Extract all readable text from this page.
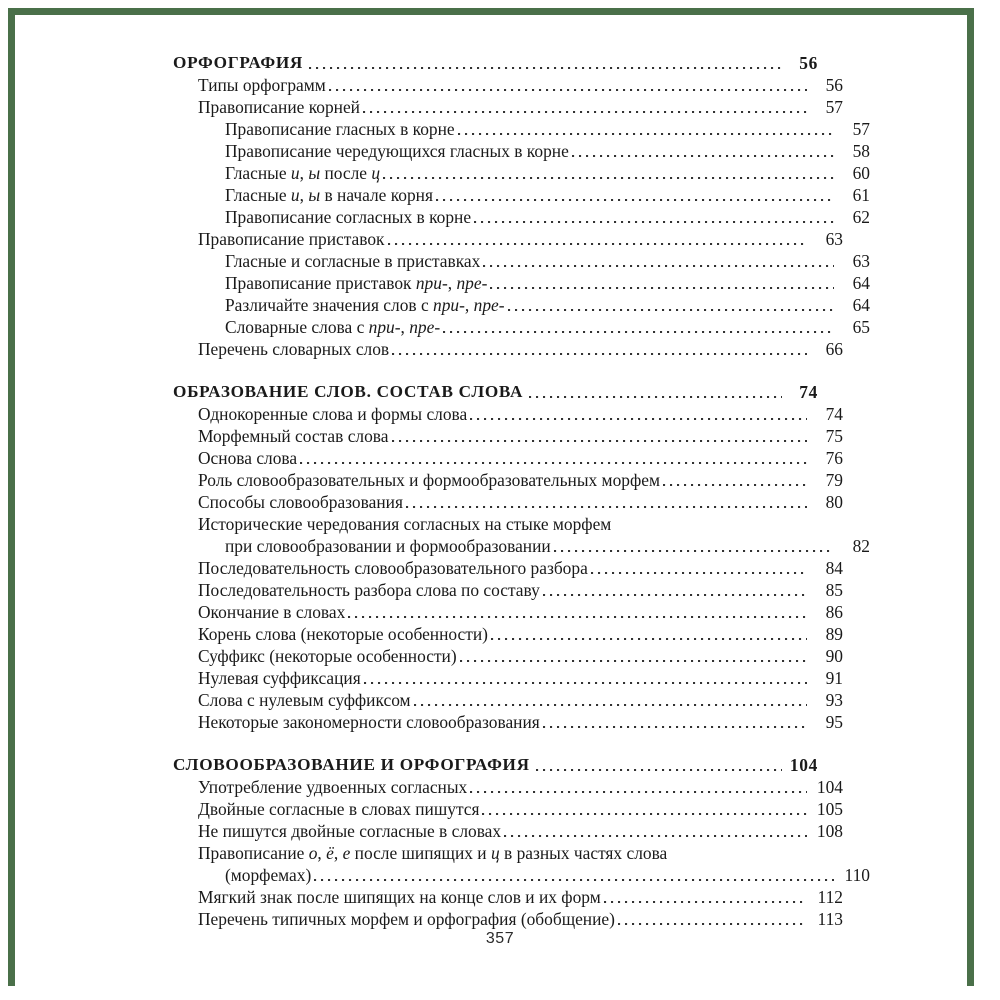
ОРФОГРАФИЯ	56
Типы орфограмм	56
Правописание корней	57
Правописание гласных в корне	57
Правописание чередующихся гласных в корне	58
Гласные и, ы после ц	60
Гласные и, ы в начале корня	61
Правописание согласных в корне	62
Правописание приставок	63
Гласные и согласные в приставках	63
Правописание приставок при-, пре-	64
Различайте значения слов с при-, пре-	64
Словарные слова с при-, пре-	65
Перечень словарных слов	66
ОБРАЗОВАНИЕ СЛОВ. СОСТАВ СЛОВА	74
Однокоренные слова и формы слова	74
Морфемный состав слова	75
Основа слова	76
Роль словообразовательных и формообразовательных морфем	79
Способы словообразования	80
Исторические чередования согласных на стыке морфем
при словообразовании и формообразовании	82
Последовательность словообразовательного разбора	84
Последовательность разбора слова по составу	85
Окончание в словах	86
Корень слова (некоторые особенности)	89
Суффикс (некоторые особенности)	90
Нулевая суффиксация	91
Слова с нулевым суффиксом	93
Некоторые закономерности словообразования	95
СЛОВООБРАЗОВАНИЕ И ОРФОГРАФИЯ	104
Употребление удвоенных согласных	104
Двойные согласные в словах пишутся	105
Не пишутся двойные согласные в словах	108
Правописание о, ё, е после шипящих и ц в разных частях слова
(морфемах)	110
Мягкий знак после шипящих на конце слов и их форм	112
Перечень типичных морфем и орфография (обобщение)	113
357
